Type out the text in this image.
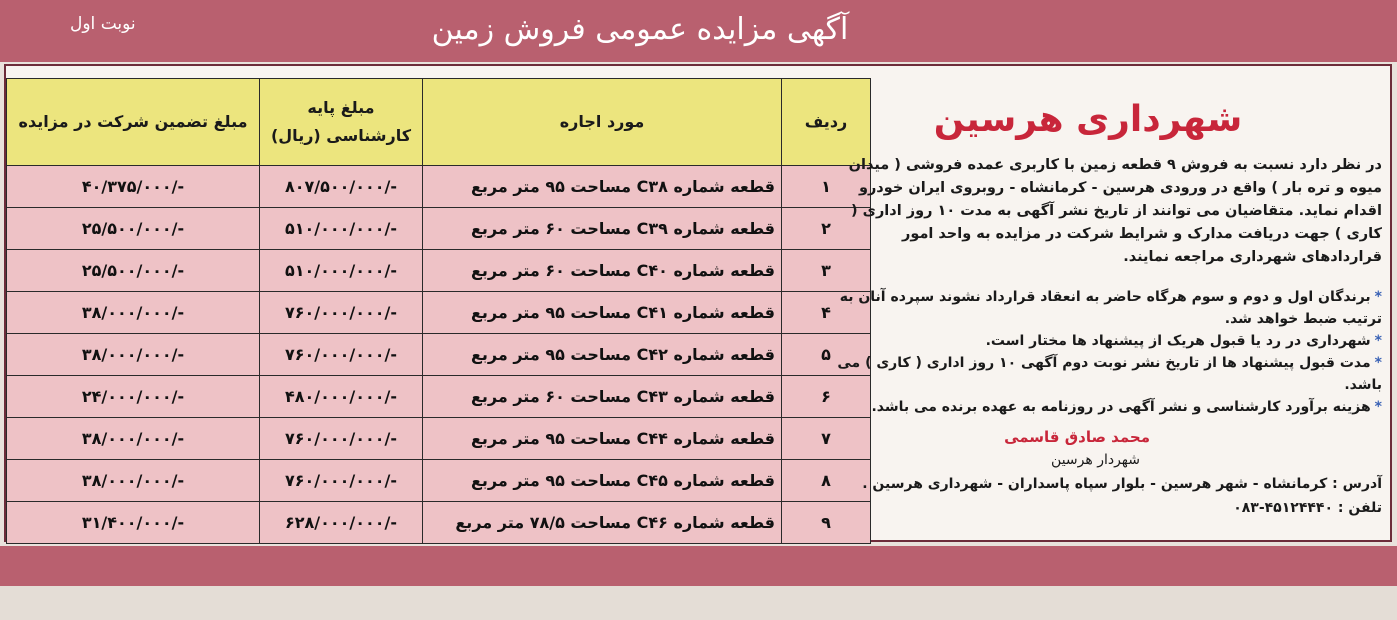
آگهی مزایده عمومی فروش زمین
نوبت اول
ردیف	مورد اجاره	مبلغ پایه کارشناسی (ریال)	مبلغ تضمین شرکت در مزایده
۱	قطعه شماره C۳۸ مساحت ۹۵ متر مربع	-/۸۰۷/۵۰۰/۰۰۰	-/۴۰/۳۷۵/۰۰۰
۲	قطعه شماره C۳۹ مساحت ۶۰ متر مربع	-/۵۱۰/۰۰۰/۰۰۰	-/۲۵/۵۰۰/۰۰۰
۳	قطعه شماره C۴۰ مساحت ۶۰ متر مربع	-/۵۱۰/۰۰۰/۰۰۰	-/۲۵/۵۰۰/۰۰۰
۴	قطعه شماره C۴۱ مساحت ۹۵ متر مربع	-/۷۶۰/۰۰۰/۰۰۰	-/۳۸/۰۰۰/۰۰۰
۵	قطعه شماره C۴۲ مساحت ۹۵ متر مربع	-/۷۶۰/۰۰۰/۰۰۰	-/۳۸/۰۰۰/۰۰۰
۶	قطعه شماره C۴۳ مساحت ۶۰ متر مربع	-/۴۸۰/۰۰۰/۰۰۰	-/۲۴/۰۰۰/۰۰۰
۷	قطعه شماره C۴۴ مساحت ۹۵ متر مربع	-/۷۶۰/۰۰۰/۰۰۰	-/۳۸/۰۰۰/۰۰۰
۸	قطعه شماره C۴۵ مساحت ۹۵ متر مربع	-/۷۶۰/۰۰۰/۰۰۰	-/۳۸/۰۰۰/۰۰۰
۹	قطعه شماره C۴۶ مساحت ۷۸/۵ متر مربع	-/۶۲۸/۰۰۰/۰۰۰	-/۳۱/۴۰۰/۰۰۰
شهرداری هرسین
در نظر دارد نسبت به فروش ۹ قطعه زمین با کاربری عمده فروشی ( میدان میوه و تره بار ) واقع در ورودی هرسین - کرمانشاه - روبروی ایران خودرو اقدام نماید. متقاضیان می توانند از تاریخ نشر آگهی به مدت ۱۰ روز اداری ( کاری ) جهت دریافت مدارک و شرایط شرکت در مزایده به واحد امور قراردادهای شهرداری مراجعه نمایند.
*برندگان اول و دوم و سوم هرگاه حاضر به انعقاد قرارداد نشوند سپرده آنان به ترتیب ضبط خواهد شد.
*شهرداری در رد یا قبول هریک از پیشنهاد ها مختار است.
*مدت قبول پیشنهاد ها از تاریخ نشر نوبت دوم آگهی ۱۰ روز اداری ( کاری ) می باشد.
*هزینه برآورد کارشناسی و نشر آگهی در روزنامه به عهده برنده می باشد.
محمد صادق قاسمی
شهردار هرسین
آدرس : کرمانشاه - شهر هرسین - بلوار سپاه پاسداران - شهرداری هرسین .
تلفن : ۰۸۳-۴۵۱۲۴۴۴۰
